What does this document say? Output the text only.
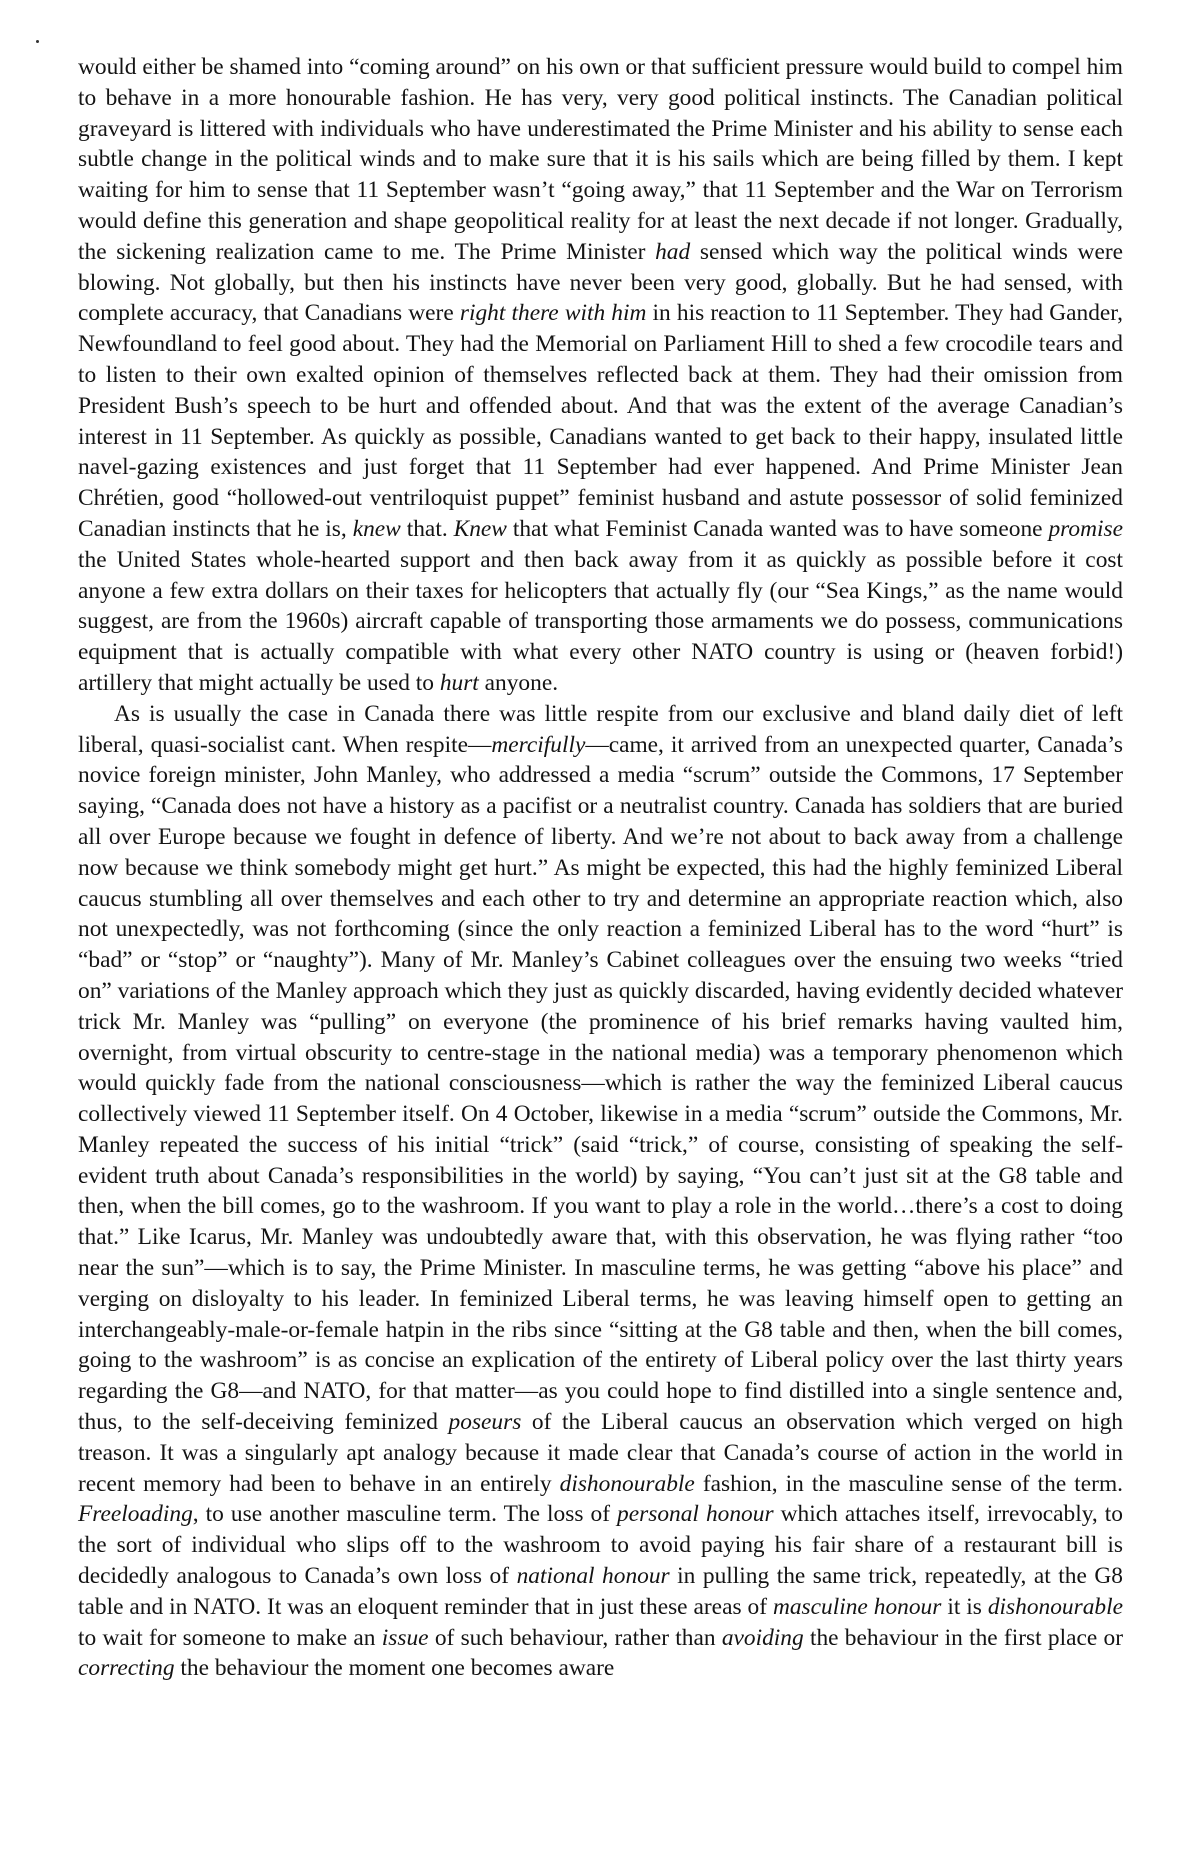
would either be shamed into “coming around” on his own or that sufficient pressure would build to compel him to behave in a more honourable fashion. He has very, very good political instincts. The Canadian political graveyard is littered with individuals who have underestimated the Prime Minister and his ability to sense each subtle change in the political winds and to make sure that it is his sails which are being filled by them. I kept waiting for him to sense that 11 September wasn’t “going away,” that 11 September and the War on Terrorism would define this generation and shape geopolitical reality for at least the next decade if not longer. Gradually, the sickening realization came to me. The Prime Minister had sensed which way the political winds were blowing. Not globally, but then his instincts have never been very good, globally. But he had sensed, with complete accuracy, that Canadians were right there with him in his reaction to 11 September. They had Gander, Newfoundland to feel good about. They had the Memorial on Parliament Hill to shed a few crocodile tears and to listen to their own exalted opinion of themselves reflected back at them. They had their omission from President Bush’s speech to be hurt and offended about. And that was the extent of the average Canadian’s interest in 11 September. As quickly as possible, Canadians wanted to get back to their happy, insulated little navel-gazing existences and just forget that 11 September had ever happened. And Prime Minister Jean Chrétien, good “hollowed-out ventriloquist puppet” feminist husband and astute possessor of solid feminized Canadian instincts that he is, knew that. Knew that what Feminist Canada wanted was to have someone promise the United States whole-hearted support and then back away from it as quickly as possible before it cost anyone a few extra dollars on their taxes for helicopters that actually fly (our “Sea Kings,” as the name would suggest, are from the 1960s) aircraft capable of transporting those armaments we do possess, communications equipment that is actually compatible with what every other NATO country is using or (heaven forbid!) artillery that might actually be used to hurt anyone.

As is usually the case in Canada there was little respite from our exclusive and bland daily diet of left liberal, quasi-socialist cant. When respite—mercifully—came, it arrived from an unexpected quarter, Canada’s novice foreign minister, John Manley, who addressed a media “scrum” outside the Commons, 17 September saying, “Canada does not have a history as a pacifist or a neutralist country. Canada has soldiers that are buried all over Europe because we fought in defence of liberty. And we’re not about to back away from a challenge now because we think somebody might get hurt.” As might be expected, this had the highly feminized Liberal caucus stumbling all over themselves and each other to try and determine an appropriate reaction which, also not unexpectedly, was not forthcoming (since the only reaction a feminized Liberal has to the word “hurt” is “bad” or “stop” or “naughty”). Many of Mr. Manley’s Cabinet colleagues over the ensuing two weeks “tried on” variations of the Manley approach which they just as quickly discarded, having evidently decided whatever trick Mr. Manley was “pulling” on everyone (the prominence of his brief remarks having vaulted him, overnight, from virtual obscurity to centre-stage in the national media) was a temporary phenomenon which would quickly fade from the national consciousness—which is rather the way the feminized Liberal caucus collectively viewed 11 September itself. On 4 October, likewise in a media “scrum” outside the Commons, Mr. Manley repeated the success of his initial “trick” (said “trick,” of course, consisting of speaking the self-evident truth about Canada’s responsibilities in the world) by saying, “You can’t just sit at the G8 table and then, when the bill comes, go to the washroom. If you want to play a role in the world…there’s a cost to doing that.” Like Icarus, Mr. Manley was undoubtedly aware that, with this observation, he was flying rather “too near the sun”—which is to say, the Prime Minister. In masculine terms, he was getting “above his place” and verging on disloyalty to his leader. In feminized Liberal terms, he was leaving himself open to getting an interchangeably-male-or-female hatpin in the ribs since “sitting at the G8 table and then, when the bill comes, going to the washroom” is as concise an explication of the entirety of Liberal policy over the last thirty years regarding the G8—and NATO, for that matter—as you could hope to find distilled into a single sentence and, thus, to the self-deceiving feminized poseurs of the Liberal caucus an observation which verged on high treason. It was a singularly apt analogy because it made clear that Canada’s course of action in the world in recent memory had been to behave in an entirely dishonourable fashion, in the masculine sense of the term. Freeloading, to use another masculine term. The loss of personal honour which attaches itself, irrevocably, to the sort of individual who slips off to the washroom to avoid paying his fair share of a restaurant bill is decidedly analogous to Canada’s own loss of national honour in pulling the same trick, repeatedly, at the G8 table and in NATO. It was an eloquent reminder that in just these areas of masculine honour it is dishonourable to wait for someone to make an issue of such behaviour, rather than avoiding the behaviour in the first place or correcting the behaviour the moment one becomes aware
